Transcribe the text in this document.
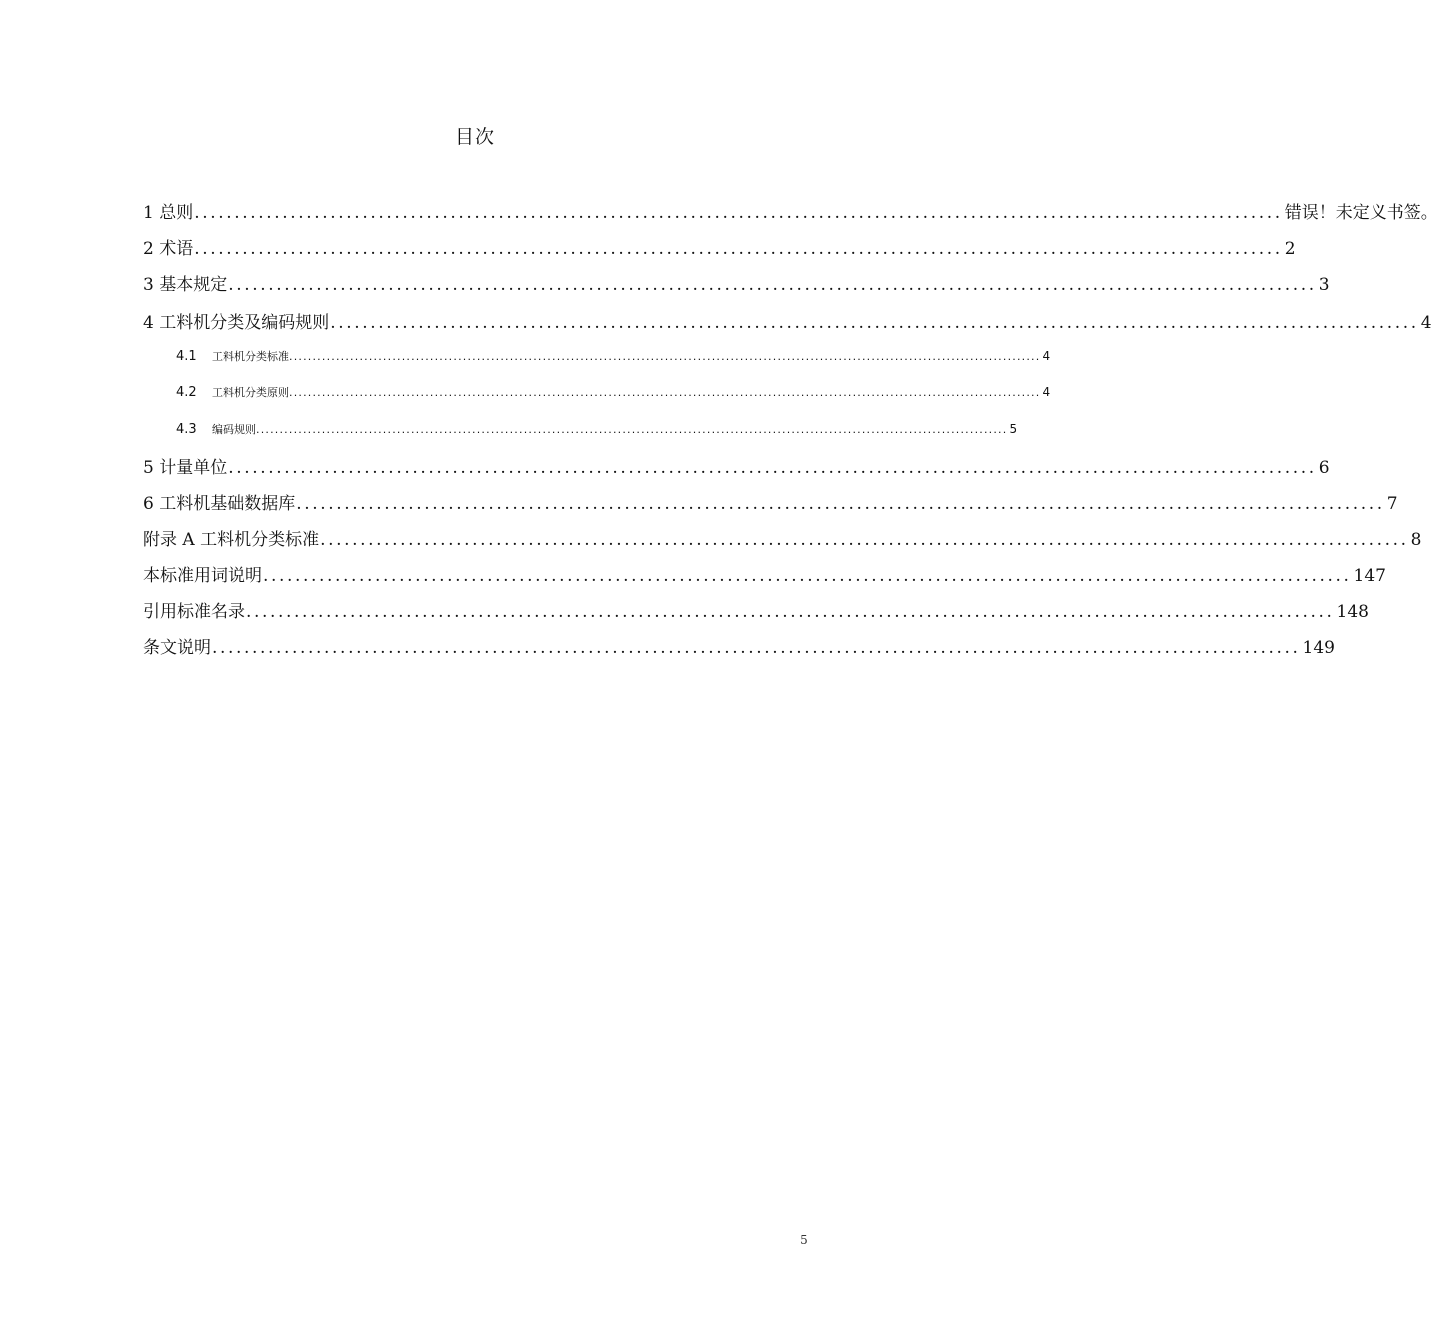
目次
1 总则 ........................................................................................................................................ 错误！未定义书签。
2 术语 ........................................................................................................................................ 2
3 基本规定 ........................................................................................................................................ 3
4 工料机分类及编码规则 ........................................................................................................................................ 4
4.1	工料机分类标准 ................................................................................................................................................................ 4
4.2	工料机分类原则 ................................................................................................................................................................ 4
4.3	编码规则 ................................................................................................................................................................ 5
5 计量单位 ........................................................................................................................................ 6
6 工料机基础数据库 ........................................................................................................................................ 7
附录 A 工料机分类标准 ........................................................................................................................................ 8
本标准用词说明 ........................................................................................................................................ 147
引用标准名录 ........................................................................................................................................ 148
条文说明 ........................................................................................................................................ 149
5
